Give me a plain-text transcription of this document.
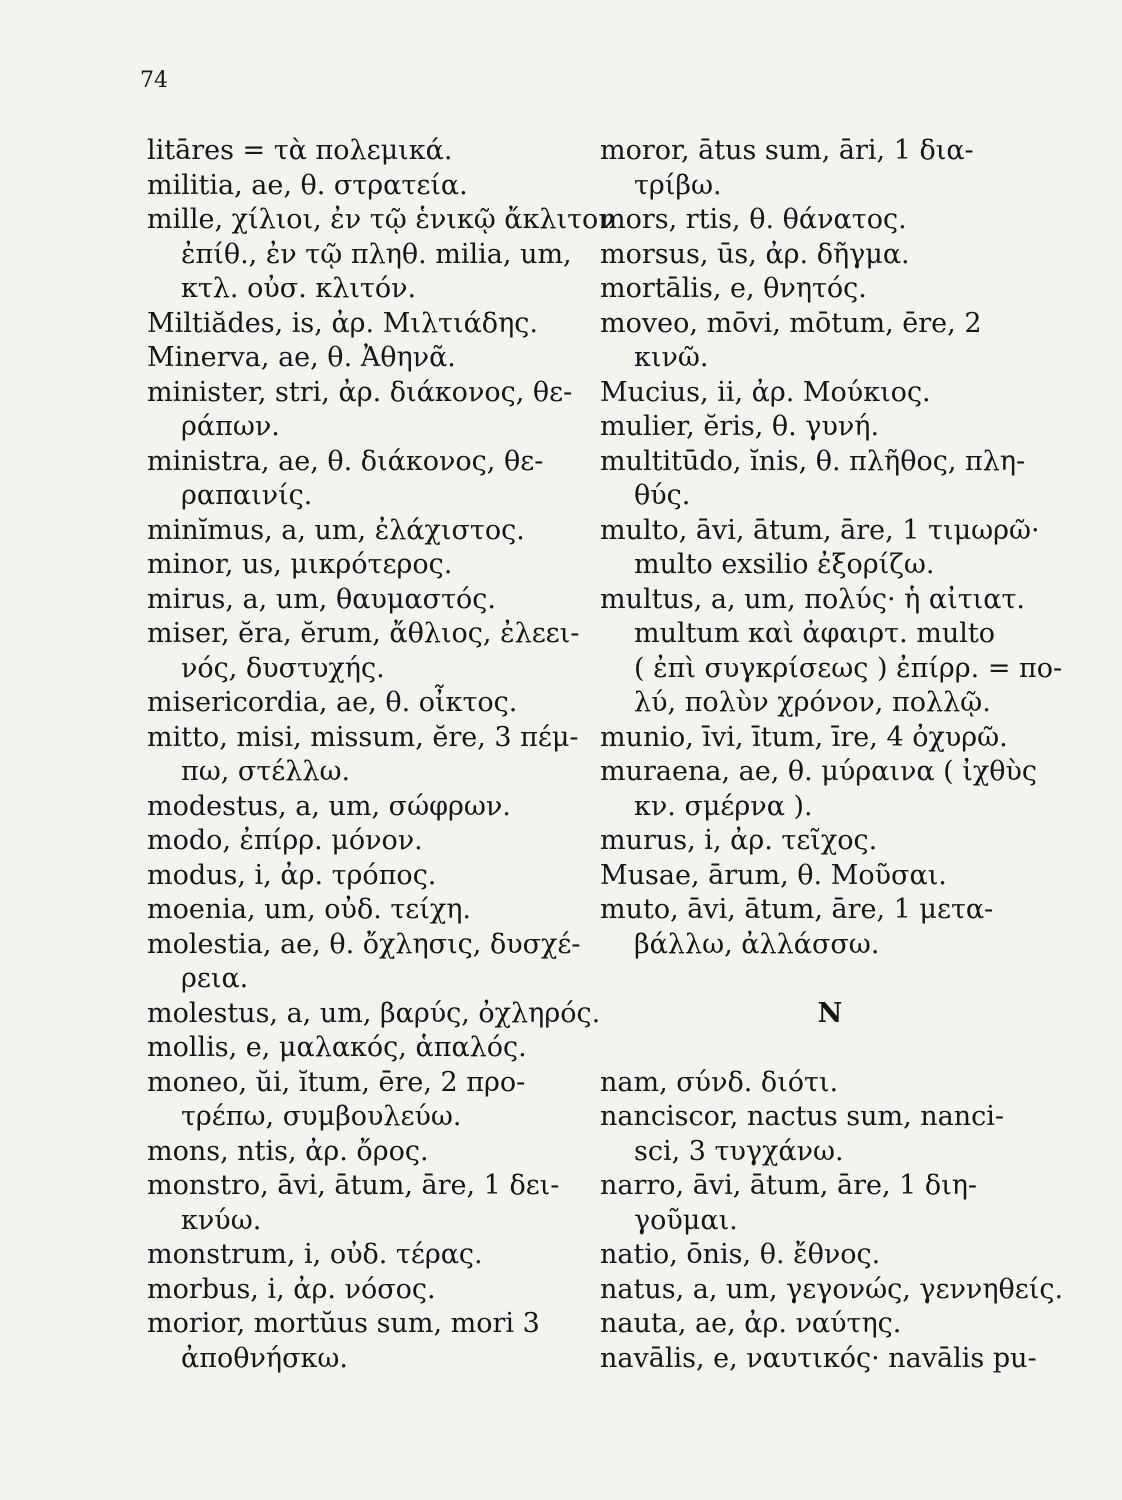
74
litāres = τὰ πολεμικά.
militia, ae, θ. στρατεία.
mille, χίλιοι, ἐν τῷ ἑνικῷ ἄκλιτον
ἐπίθ., ἐν τῷ πληθ. milia, um,
κτλ. οὐσ. κλιτόν.
Miltiădes, is, ἀρ. Μιλτιάδης.
Minerva, ae, θ. Ἀθηνᾶ.
minister, stri, ἀρ. διάκονος, θε-
ράπων.
ministra, ae, θ. διάκονος, θε-
ραπαινίς.
minĭmus, a, um, ἐλάχιστος.
minor, us, μικρότερος.
mirus, a, um, θαυμαστός.
miser, ĕra, ĕrum, ἄθλιος, ἐλεει-
νός, δυστυχής.
misericordia, ae, θ. οἶκτος.
mitto, misi, missum, ĕre, 3 πέμ-
πω, στέλλω.
modestus, a, um, σώφρων.
modo, ἐπίρρ. μόνον.
modus, i, ἀρ. τρόπος.
moenia, um, οὐδ. τείχη.
molestia, ae, θ. ὄχλησις, δυσχέ-
ρεια.
molestus, a, um, βαρύς, ὀχληρός.
mollis, e, μαλακός, ἁπαλός.
moneo, ŭi, ĭtum, ēre, 2 προ-
τρέπω, συμβουλεύω.
mons, ntis, ἀρ. ὄρος.
monstro, āvi, ātum, āre, 1 δει-
κνύω.
monstrum, i, οὐδ. τέρας.
morbus, i, ἀρ. νόσος.
morior, mortŭus sum, mori 3
ἀποθνήσκω.
moror, ātus sum, āri, 1 δια-
τρίβω.
mors, rtis, θ. θάνατος.
morsus, ūs, ἀρ. δῆγμα.
mortālis, e, θνητός.
moveo, mōvi, mōtum, ēre, 2
κινῶ.
Mucius, ii, ἀρ. Μούκιος.
mulier, ĕris, θ. γυνή.
multitūdo, ĭnis, θ. πλῆθος, πλη-
θύς.
multo, āvi, ātum, āre, 1 τιμωρῶ·
multo exsilio ἐξορίζω.
multus, a, um, πολύς· ἡ αἰτιατ.
multum καὶ ἀφαιρτ. multo
( ἐπὶ συγκρίσεως ) ἐπίρρ. = πο-
λύ, πολὺν χρόνον, πολλῷ.
munio, īvi, ītum, īre, 4 ὀχυρῶ.
muraena, ae, θ. μύραινα ( ἰχθὺς
κν. σμέρνα ).
murus, i, ἀρ. τεῖχος.
Musae, ārum, θ. Μοῦσαι.
muto, āvi, ātum, āre, 1 μετα-
βάλλω, ἀλλάσσω.
N
nam, σύνδ. διότι.
nanciscor, nactus sum, nanci-
sci, 3 τυγχάνω.
narro, āvi, ātum, āre, 1 διη-
γοῦμαι.
natio, ōnis, θ. ἔθνος.
natus, a, um, γεγονώς, γεννηθείς.
nauta, ae, ἀρ. ναύτης.
navālis, e, ναυτικός· navālis pu-
